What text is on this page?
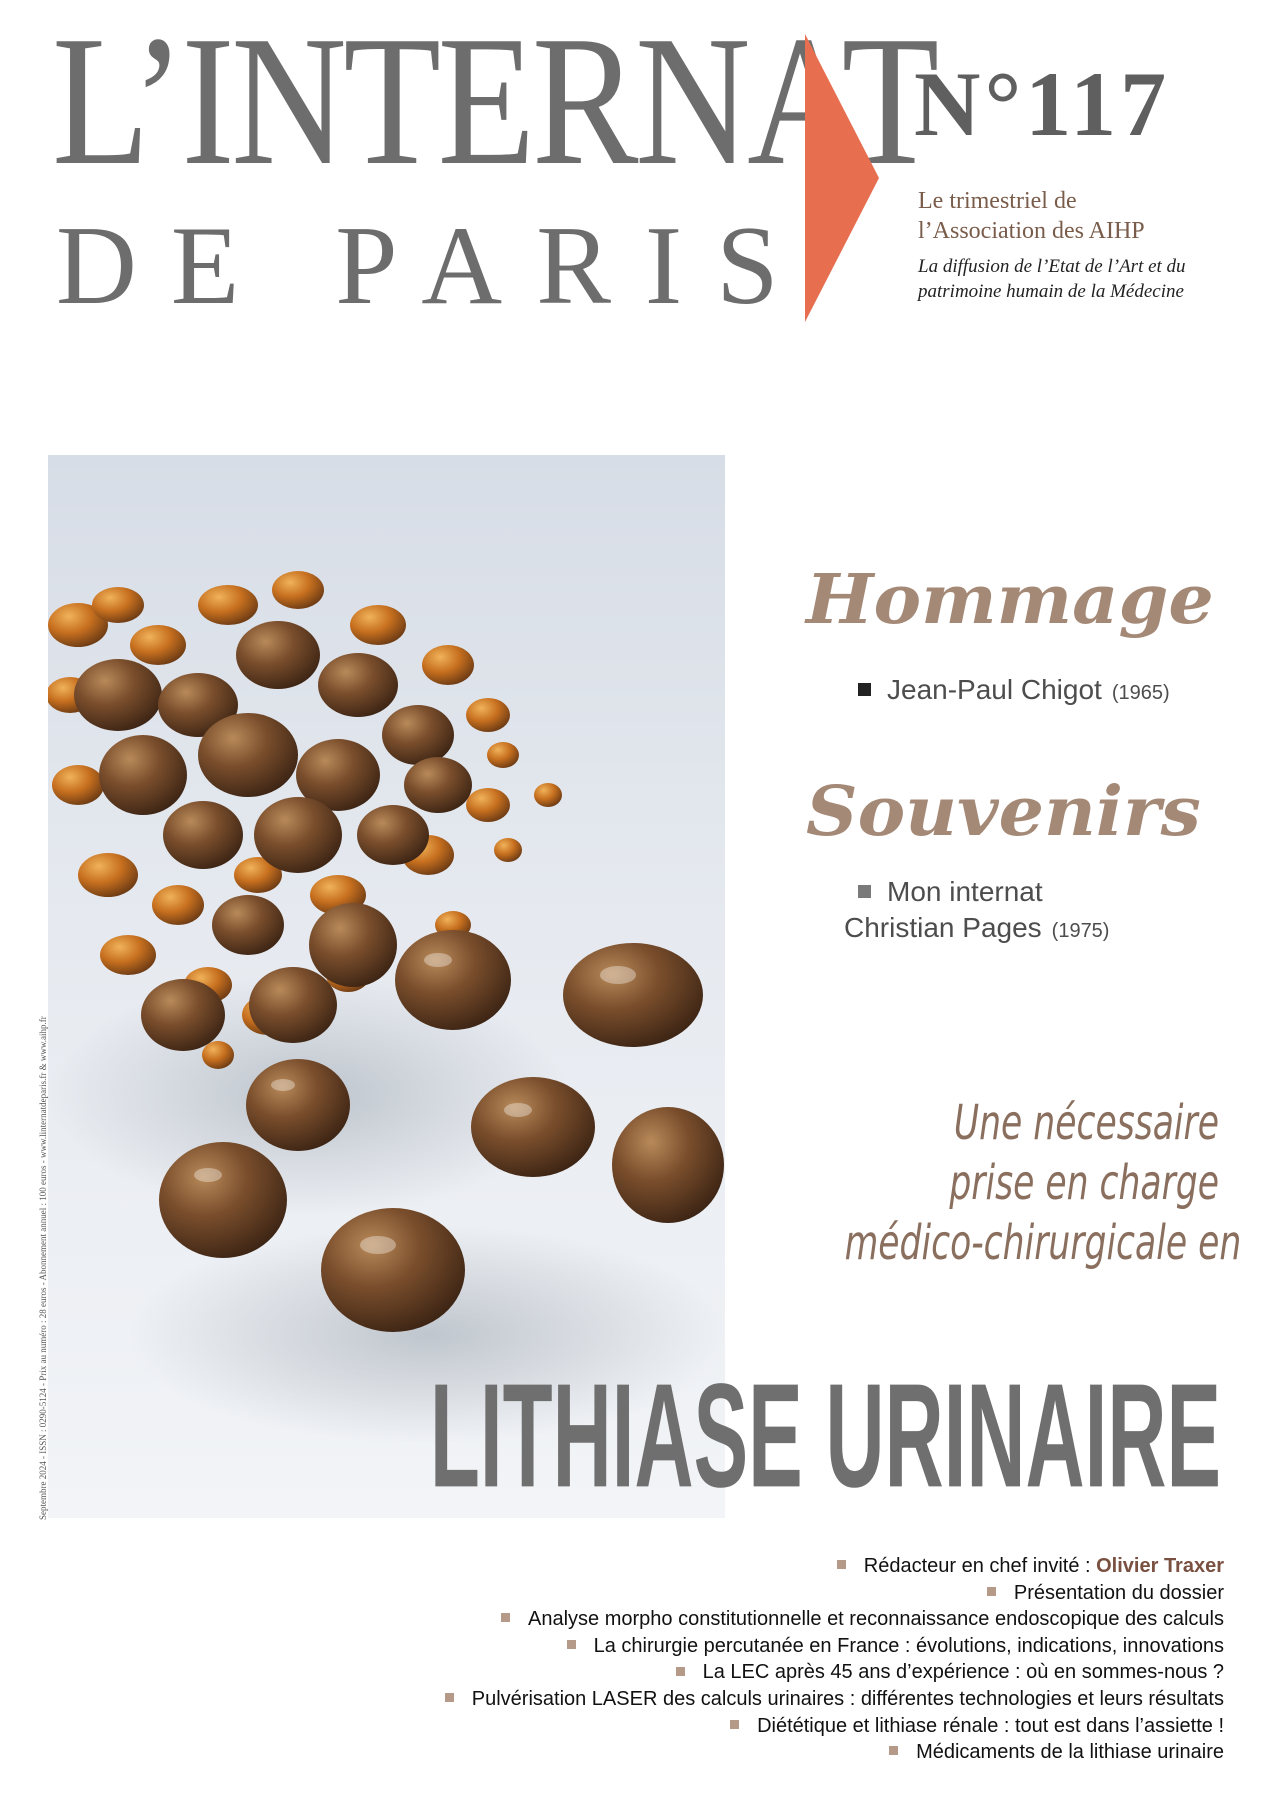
L’INTERNAT
DE PARIS
N°117
Le trimestriel de
l’Association des AIHP
La diffusion de l’Etat de l’Art et du
patrimoine humain de la Médecine
Septembre 2024 - ISSN : 0290-5124 - Prix au numéro : 28 euros - Abonnement annuel : 100 euros - www.linternatdeparis.fr & www.aihp.fr
Hommage
Jean-Paul Chigot (1965)
Souvenirs
Mon internat
Christian Pages (1975)
Une nécessaire
prise en charge
médico-chirurgicale en
LITHIASE URINAIRE
Rédacteur en chef invité : Olivier Traxer
Présentation du dossier
Analyse morpho constitutionnelle et reconnaissance endoscopique des calculs
La chirurgie percutanée en France : évolutions, indications, innovations
La LEC après 45 ans d’expérience : où en sommes-nous ?
Pulvérisation LASER des calculs urinaires : différentes technologies et leurs résultats
Diététique et lithiase rénale : tout est dans l’assiette !
Médicaments de la lithiase urinaire
